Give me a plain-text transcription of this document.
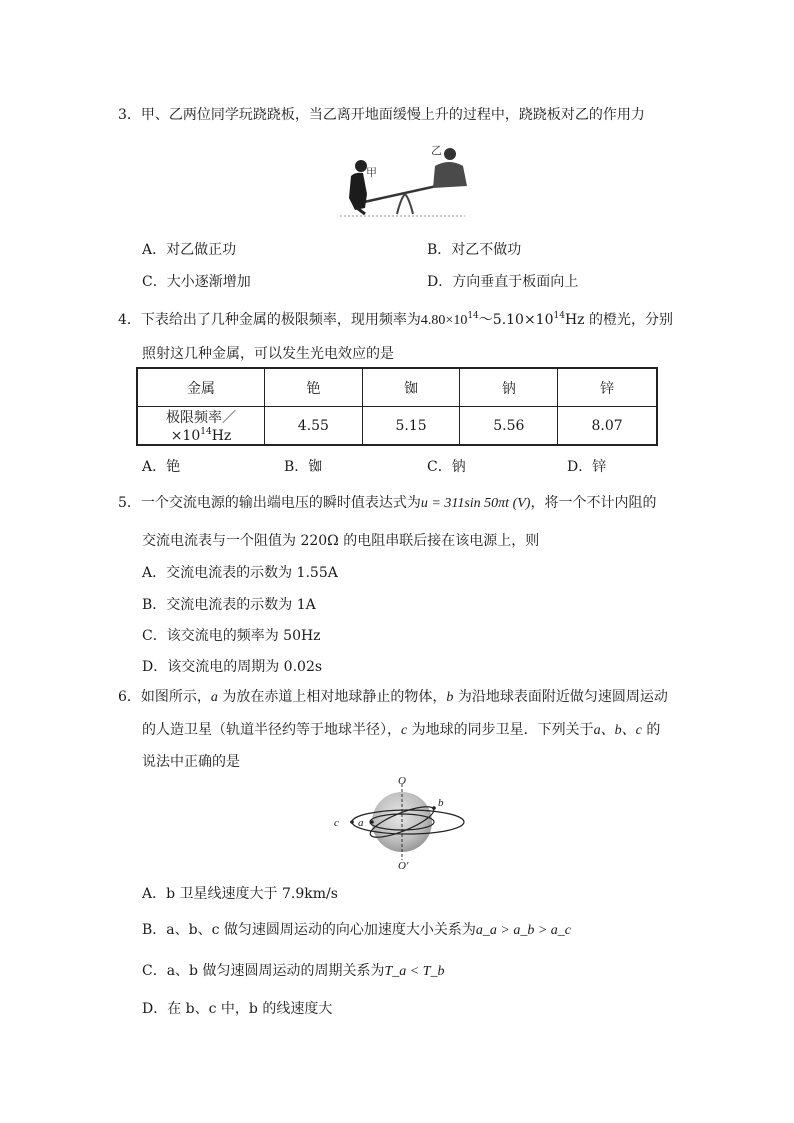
3．甲、乙两位同学玩跷跷板，当乙离开地面缓慢上升的过程中，跷跷板对乙的作用力
甲
乙
A．对乙做正功	B．对乙不做功
C．大小逐渐增加	D．方向垂直于板面向上
4．下表给出了几种金属的极限频率，现用频率为$4.80\times 10^{14}\sim 5.10\times 10^{14}Hz$ 的橙光，分别
照射这几种金属，可以发生光电效应的是
金属	铯	铷	钠	锌
极限频率$/\times 10^{14}Hz$	4.55	5.15	5.56	8.07
A．铯	B．铷	C．钠	D．锌
5．一个交流电源的输出端电压的瞬时值表达式为u = 311sin 50πt (V)，将一个不计内阻的
交流电流表与一个阻值为 220Ω 的电阻串联后接在该电源上，则
A．交流电流表的示数为 1.55A
B．交流电流表的示数为 1A
C．该交流电的频率为 50Hz
D．该交流电的周期为 0.02s
6．如图所示，a 为放在赤道上相对地球静止的物体，b 为沿地球表面附近做匀速圆周运动
的人造卫星（轨道半径约等于地球半径），c 为地球的同步卫星．下列关于a、b、c 的
说法中正确的是
O
O′
b
c a
A．b 卫星线速度大于 7.9km/s
B．a、b、c 做匀速圆周运动的向心加速度大小关系为a_a > a_b > a_c
C．a、b 做匀速圆周运动的周期关系为T_a < T_b
D．在 b、c 中，b 的线速度大
